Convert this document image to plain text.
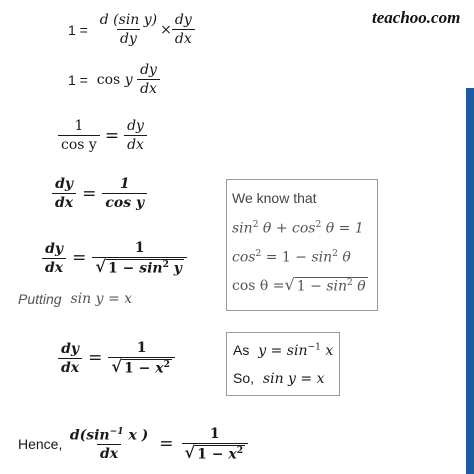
teachoo.com
1 =
$\frac{\text{d (sin y)}}{dy} \times \frac{dy}{dx}$
1 =
cos
y
$\frac{dy}{dx}$
$\frac{1}{\text{cos y}} = \frac{dy}{dx}$
$\frac{dy}{dx} = \frac{1}{\text{cos y}}$
$\frac{dy}{dx} = \frac{1}{√ 1 - \sin^2 y}$
Putting
sin y = x
$\frac{dy}{dx} = \frac{1}{√ 1 - x^2}$
We know that
$\sin^2 \theta + \cos^2 \theta = 1$
$\cos^2 = 1 - \sin^2 \theta$
cos θ = √ $1 - \sin^2 \theta$
As $y = \sin^{-1} x$
So, sin y = x
Hence,
$\frac{d(\sin^{-1} x )}{dx} = \frac{1}{√ 1 - x^2}$
